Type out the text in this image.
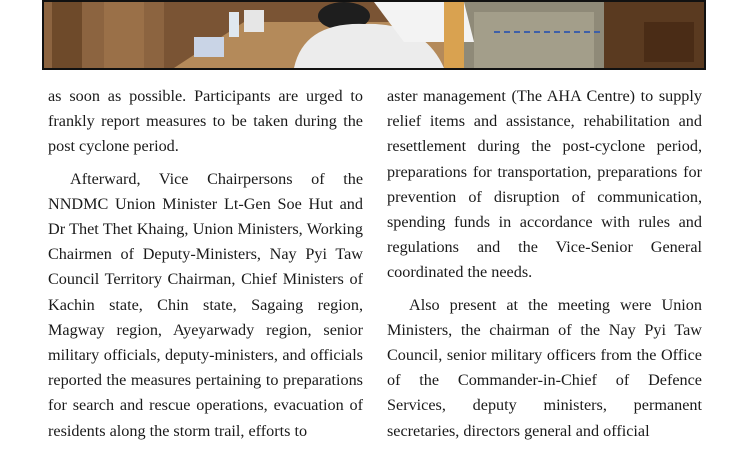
as soon as possible. Participants are urged to frankly report measures to be taken during the post cyclone period.

Afterward, Vice Chairpersons of the NNDMC Union Minister Lt-Gen Soe Hut and Dr Thet Thet Khaing, Union Ministers, Working Chairmen of Deputy-Ministers, Nay Pyi Taw Council Territory Chairman, Chief Ministers of Kachin state, Chin state, Sagaing region, Magway region, Ayeyarwady region, senior military officials, deputy-ministers, and officials reported the measures pertaining to preparations for search and rescue operations, evacuation of residents along the storm trail, efforts to

aster management (The AHA Centre) to supply relief items and assistance, rehabilitation and resettlement during the post-cyclone period, preparations for transportation, preparations for prevention of disruption of communication, spending funds in accordance with rules and regulations and the Vice-Senior General coordinated the needs.

Also present at the meeting were Union Ministers, the chairman of the Nay Pyi Taw Council, senior military officers from the Office of the Commander-in-Chief of Defence Services, deputy ministers, permanent secretaries, directors general and official
